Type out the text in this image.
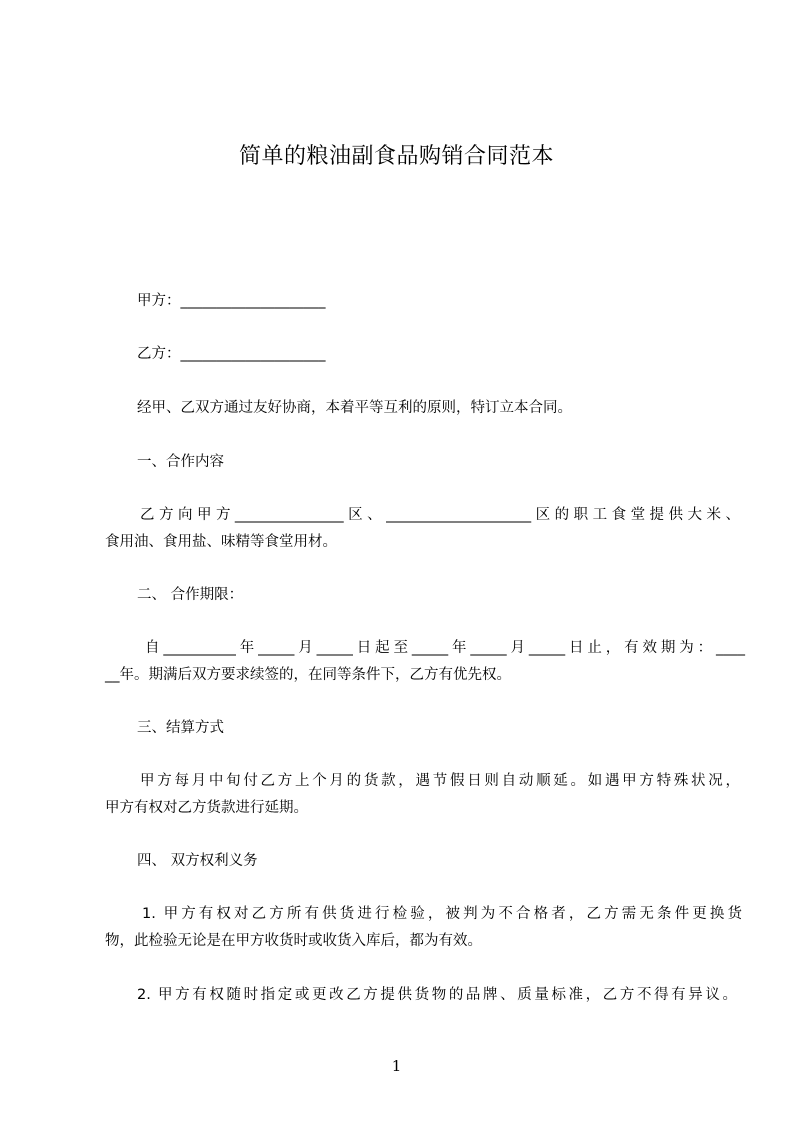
简单的粮油副食品购销合同范本
甲方：____________________
乙方：____________________
经甲、乙双方通过友好协商，本着平等互利的原则，特订立本合同。
一、合作内容
乙方向甲方_______________区、____________________区的职工食堂提供大米、
食用油、食用盐、味精等食堂用材。
二、 合作期限：
自__________年_____月_____日起至_____年_____月_____日止，有效期为：____
__年。期满后双方要求续签的，在同等条件下，乙方有优先权。
三、结算方式
甲方每月中旬付乙方上个月的货款，遇节假日则自动顺延。如遇甲方特殊状况，
甲方有权对乙方货款进行延期。
四、 双方权利义务
1. 甲方有权对乙方所有供货进行检验，被判为不合格者，乙方需无条件更换货
物，此检验无论是在甲方收货时或收货入库后，都为有效。
2. 甲方有权随时指定或更改乙方提供货物的品牌、质量标准，乙方不得有异议。
1
